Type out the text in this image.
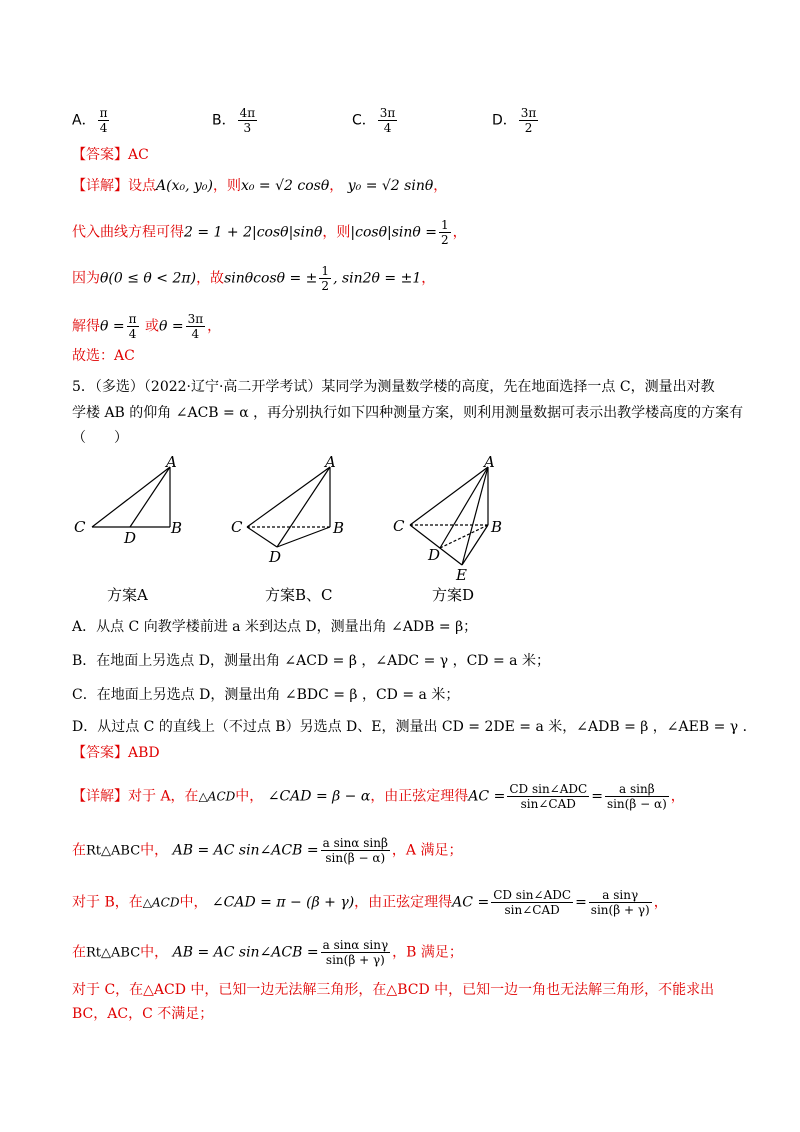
A． $\frac{\pi}{4}$	B． $\frac{4\pi}{3}$	C． $\frac{3\pi}{4}$	D． $\frac{3\pi}{2}$
【答案】AC
【详解】设点A(x₀, y₀)，则x₀ = √2 cosθ， y₀ = √2 sinθ，
代入曲线方程可得2 = 1 + 2|cosθ|sinθ，则$|\cos\theta|\sin\theta = \frac{1}{2}$ ，
因为θ(0 ≤ θ < 2π)，故sinθcosθ = ± $\frac{1}{2}$ , sin2θ = ±1，
解得$\theta = \frac{\pi}{4}$ 或$\theta = \frac{3\pi}{4}$ ，
故选：AC
5．（多选）（2022·辽宁·高二开学考试）某同学为测量数学楼的高度，先在地面选择一点 C，测量出对教
学楼 AB 的仰角 ∠ACB = α ，再分别执行如下四种测量方案，则利用测量数据可表示出教学楼高度的方案有
（　　）
A
C
D
B
方案A
A
C	B
D
方案B、C
A
C	B
D
E
方案D
A．从点 C 向教学楼前进 a 米到达点 D，测量出角 ∠ADB = β；
B．在地面上另选点 D，测量出角 ∠ACD = β ，∠ADC = γ ，CD = a 米；
C．在地面上另选点 D，测量出角 ∠BDC = β ，CD = a 米；
D．从过点 C 的直线上（不过点 B）另选点 D、E，测量出 CD = 2DE = a 米，∠ADB = β ，∠AEB = γ ．
【答案】ABD
【详解】对于 A，在△ACD中， ∠CAD = β − α，由正弦定理得AC = $\frac{\text{CD sin∠ADC}}{\text{sin∠CAD}} = \frac{\text{a sinβ}}{\sin(\beta - \alpha)}$ ，
在Rt△ABC中， AB = AC sin∠ACB = $\frac{\text{a sinα sinβ}}{\sin(\beta - \alpha)}$ ，A 满足；
对于 B，在△ACD中， ∠CAD = π − (β + γ)，由正弦定理得AC = $\frac{\text{CD sin∠ADC}}{\text{sin∠CAD}} = \frac{\text{a sinγ}}{\sin(\beta + \gamma)}$ ，
在Rt△ABC中， AB = AC sin∠ACB = $\frac{\text{a sinα sinγ}}{\sin(\beta + \gamma)}$ ，B 满足；
对于 C，在△ACD 中，已知一边无法解三角形，在△BCD 中，已知一边一角也无法解三角形，不能求出
BC，AC，C 不满足；
